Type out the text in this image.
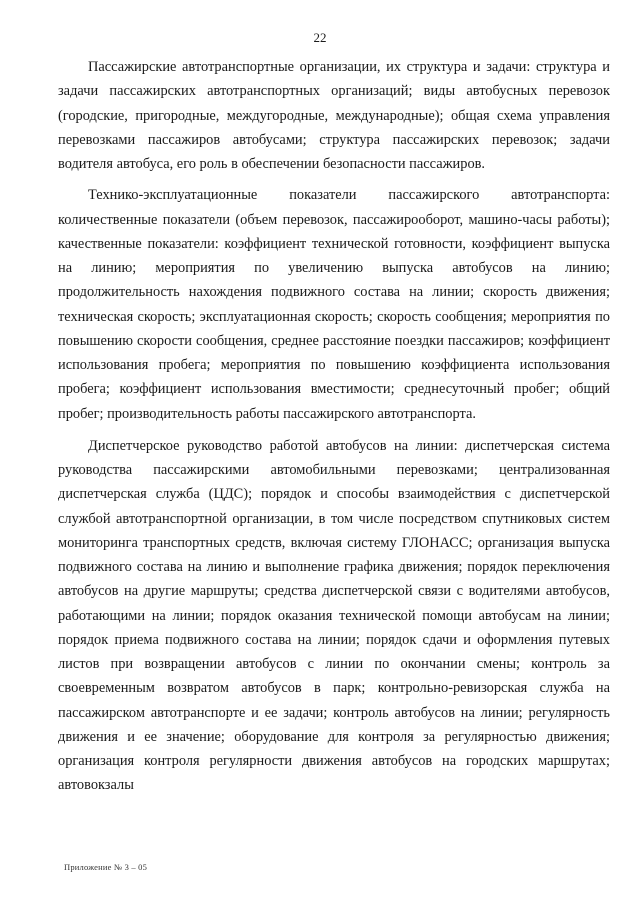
22

Пассажирские автотранспортные организации, их структура и задачи: структура и задачи пассажирских автотранспортных организаций; виды автобусных перевозок (городские, пригородные, междугородные, международные); общая схема управления перевозками пассажиров автобусами; структура пассажирских перевозок; задачи водителя автобуса, его роль в обеспечении безопасности пассажиров.

Технико-эксплуатационные показатели пассажирского автотранспорта: количественные показатели (объем перевозок, пассажирооборот, машино-часы работы); качественные показатели: коэффициент технической готовности, коэффициент выпуска на линию; мероприятия по увеличению выпуска автобусов на линию; продолжительность нахождения подвижного состава на линии; скорость движения; техническая скорость; эксплуатационная скорость; скорость сообщения; мероприятия по повышению скорости сообщения, среднее расстояние поездки пассажиров; коэффициент использования пробега; мероприятия по повышению коэффициента использования пробега; коэффициент использования вместимости; среднесуточный пробег; общий пробег; производительность работы пассажирского автотранспорта.

Диспетчерское руководство работой автобусов на линии: диспетчерская система руководства пассажирскими автомобильными перевозками; централизованная диспетчерская служба (ЦДС); порядок и способы взаимодействия с диспетчерской службой автотранспортной организации, в том числе посредством спутниковых систем мониторинга транспортных средств, включая систему ГЛОНАСС; организация выпуска подвижного состава на линию и выполнение графика движения; порядок переключения автобусов на другие маршруты; средства диспетчерской связи с водителями автобусов, работающими на линии; порядок оказания технической помощи автобусам на линии; порядок приема подвижного состава на линии; порядок сдачи и оформления путевых листов при возвращении автобусов с линии по окончании смены; контроль за своевременным возвратом автобусов в парк; контрольно-ревизорская служба на пассажирском автотранспорте и ее задачи; контроль автобусов на линии; регулярность движения и ее значение; оборудование для контроля за регулярностью движения; организация контроля регулярности движения автобусов на городских маршрутах; автовокзалы

Приложение № 3 – 05
